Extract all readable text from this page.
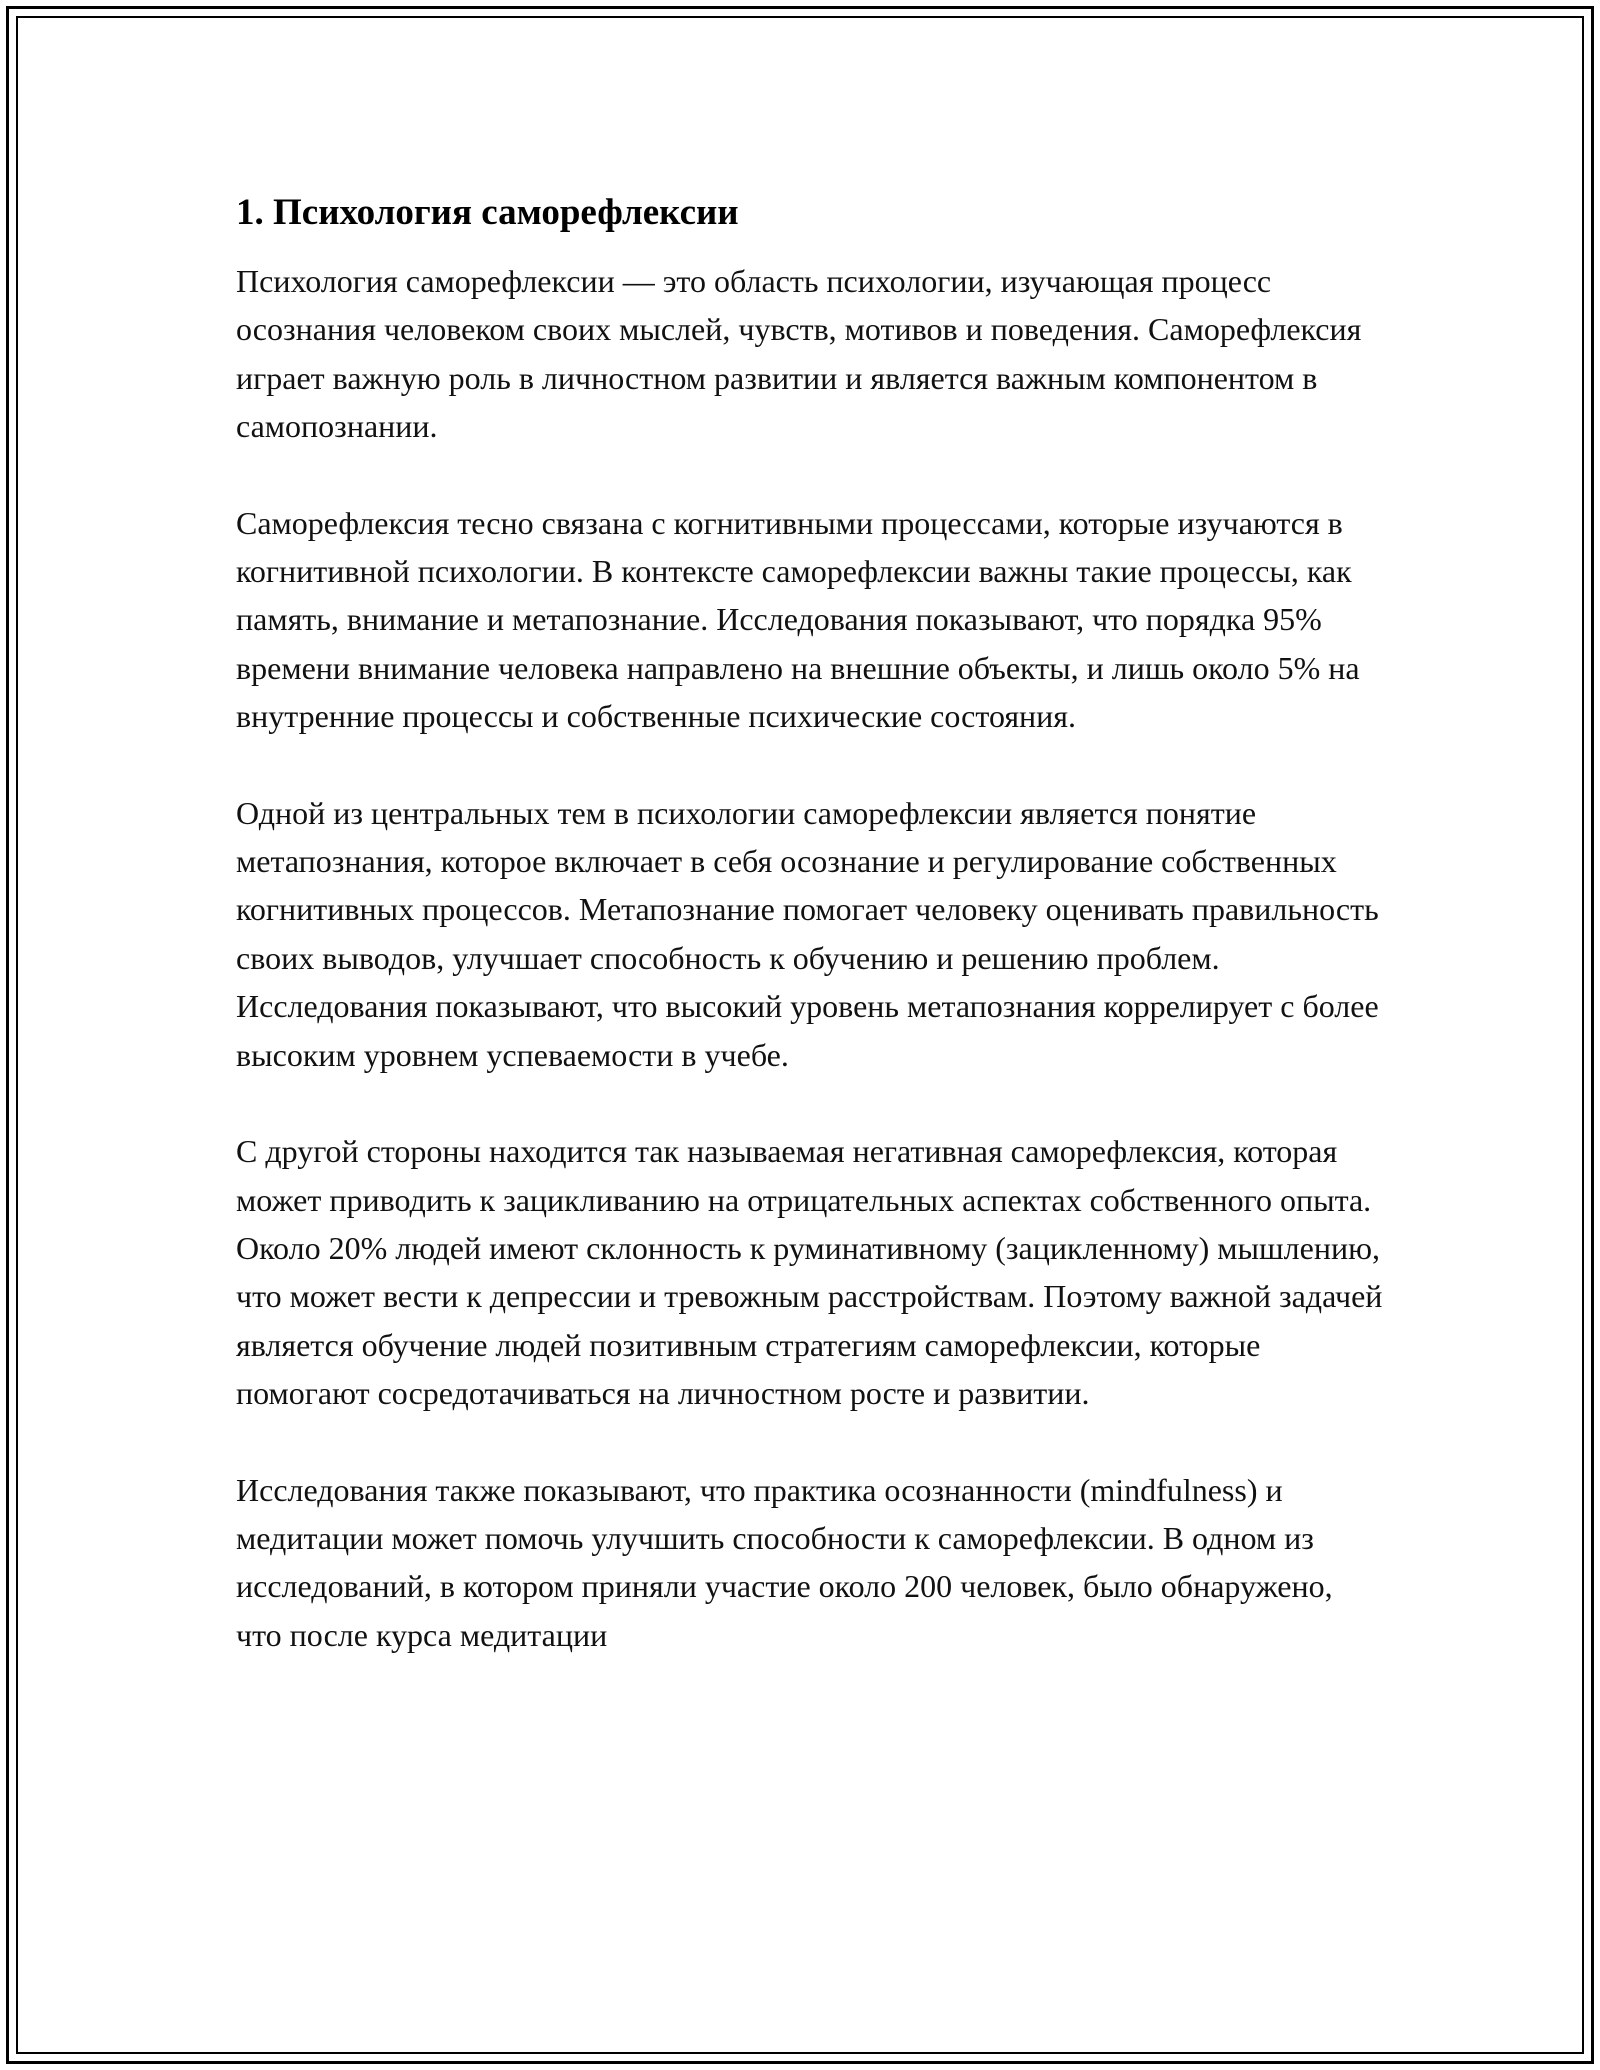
1. Психология саморефлексии

Психология саморефлексии — это область психологии, изучающая процесс осознания человеком своих мыслей, чувств, мотивов и поведения. Саморефлексия играет важную роль в личностном развитии и является важным компонентом в самопознании.

Саморефлексия тесно связана с когнитивными процессами, которые изучаются в когнитивной психологии. В контексте саморефлексии важны такие процессы, как память, внимание и метапознание. Исследования показывают, что порядка 95% времени внимание человека направлено на внешние объекты, и лишь около 5% на внутренние процессы и собственные психические состояния.

Одной из центральных тем в психологии саморефлексии является понятие метапознания, которое включает в себя осознание и регулирование собственных когнитивных процессов. Метапознание помогает человеку оценивать правильность своих выводов, улучшает способность к обучению и решению проблем. Исследования показывают, что высокий уровень метапознания коррелирует с более высоким уровнем успеваемости в учебе.

С другой стороны находится так называемая негативная саморефлексия, которая может приводить к зацикливанию на отрицательных аспектах собственного опыта. Около 20% людей имеют склонность к руминативному (зацикленному) мышлению, что может вести к депрессии и тревожным расстройствам. Поэтому важной задачей является обучение людей позитивным стратегиям саморефлексии, которые помогают сосредотачиваться на личностном росте и развитии.

Исследования также показывают, что практика осознанности (mindfulness) и медитации может помочь улучшить способности к саморефлексии. В одном из исследований, в котором приняли участие около 200 человек, было обнаружено, что после курса медитации
